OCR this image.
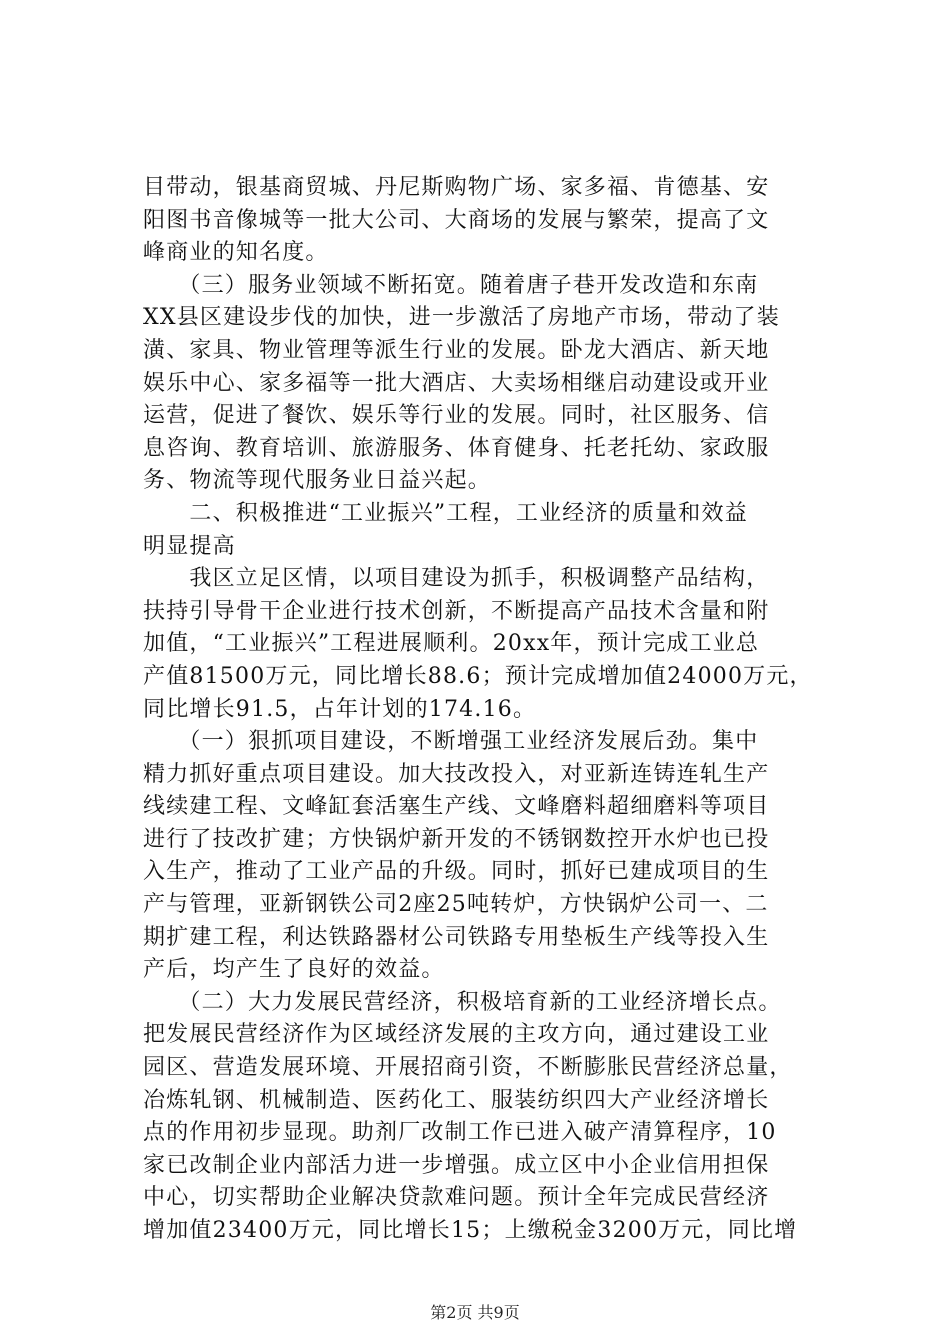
目带动，银基商贸城、丹尼斯购物广场、家多福、肯德基、安
阳图书音像城等一批大公司、大商场的发展与繁荣，提高了文
峰商业的知名度。
　　（三）服务业领域不断拓宽。随着唐子巷开发改造和东南
XX县区建设步伐的加快，进一步激活了房地产市场，带动了装
潢、家具、物业管理等派生行业的发展。卧龙大酒店、新天地
娱乐中心、家多福等一批大酒店、大卖场相继启动建设或开业
运营，促进了餐饮、娱乐等行业的发展。同时，社区服务、信
息咨询、教育培训、旅游服务、体育健身、托老托幼、家政服
务、物流等现代服务业日益兴起。
　　二、积极推进“工业振兴”工程，工业经济的质量和效益
明显提高
　　我区立足区情，以项目建设为抓手，积极调整产品结构，
扶持引导骨干企业进行技术创新，不断提高产品技术含量和附
加值，“工业振兴”工程进展顺利。20xx年，预计完成工业总
产值81500万元，同比增长88.6；预计完成增加值24000万元，
同比增长91.5，占年计划的174.16。
　　（一）狠抓项目建设，不断增强工业经济发展后劲。集中
精力抓好重点项目建设。加大技改投入，对亚新连铸连轧生产
线续建工程、文峰缸套活塞生产线、文峰磨料超细磨料等项目
进行了技改扩建；方快锅炉新开发的不锈钢数控开水炉也已投
入生产，推动了工业产品的升级。同时，抓好已建成项目的生
产与管理，亚新钢铁公司2座25吨转炉，方快锅炉公司一、二
期扩建工程，利达铁路器材公司铁路专用垫板生产线等投入生
产后，均产生了良好的效益。
　　（二）大力发展民营经济，积极培育新的工业经济增长点。
把发展民营经济作为区域经济发展的主攻方向，通过建设工业
园区、营造发展环境、开展招商引资，不断膨胀民营经济总量，
冶炼轧钢、机械制造、医药化工、服装纺织四大产业经济增长
点的作用初步显现。助剂厂改制工作已进入破产清算程序，10
家已改制企业内部活力进一步增强。成立区中小企业信用担保
中心，切实帮助企业解决贷款难问题。预计全年完成民营经济
增加值23400万元，同比增长15；上缴税金3200万元，同比增
第2页 共9页
